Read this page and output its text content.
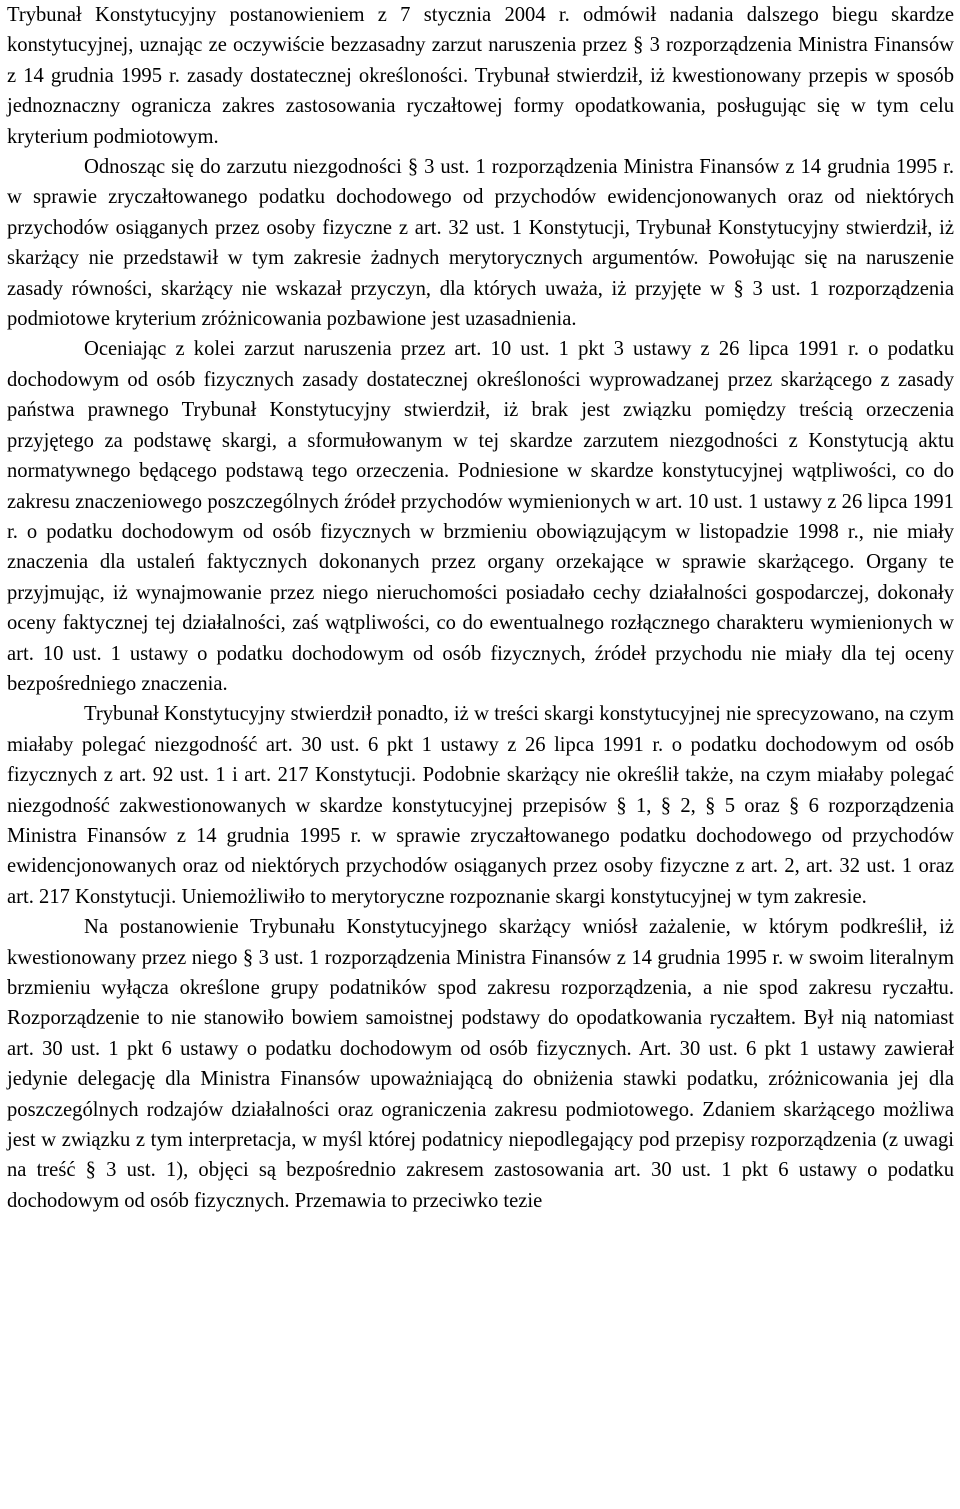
Trybunał Konstytucyjny postanowieniem z 7 stycznia 2004 r. odmówił nadania dalszego biegu skardze konstytucyjnej, uznając ze oczywiście bezzasadny zarzut naruszenia przez § 3 rozporządzenia Ministra Finansów z 14 grudnia 1995 r. zasady dostatecznej określoności. Trybunał stwierdził, iż kwestionowany przepis w sposób jednoznaczny ogranicza zakres zastosowania ryczałtowej formy opodatkowania, posługując się w tym celu kryterium podmiotowym.

Odnosząc się do zarzutu niezgodności § 3 ust. 1 rozporządzenia Ministra Finansów z 14 grudnia 1995 r. w sprawie zryczałtowanego podatku dochodowego od przychodów ewidencjonowanych oraz od niektórych przychodów osiąganych przez osoby fizyczne z art. 32 ust. 1 Konstytucji, Trybunał Konstytucyjny stwierdził, iż skarżący nie przedstawił w tym zakresie żadnych merytorycznych argumentów. Powołując się na naruszenie zasady równości, skarżący nie wskazał przyczyn, dla których uważa, iż przyjęte w § 3 ust. 1 rozporządzenia podmiotowe kryterium zróżnicowania pozbawione jest uzasadnienia.

Oceniając z kolei zarzut naruszenia przez art. 10 ust. 1 pkt 3 ustawy z 26 lipca 1991 r. o podatku dochodowym od osób fizycznych zasady dostatecznej określoności wyprowadzanej przez skarżącego z zasady państwa prawnego Trybunał Konstytucyjny stwierdził, iż brak jest związku pomiędzy treścią orzeczenia przyjętego za podstawę skargi, a sformułowanym w tej skardze zarzutem niezgodności z Konstytucją aktu normatywnego będącego podstawą tego orzeczenia. Podniesione w skardze konstytucyjnej wątpliwości, co do zakresu znaczeniowego poszczególnych źródeł przychodów wymienionych w art. 10 ust. 1 ustawy z 26 lipca 1991 r. o podatku dochodowym od osób fizycznych w brzmieniu obowiązującym w listopadzie 1998 r., nie miały znaczenia dla ustaleń faktycznych dokonanych przez organy orzekające w sprawie skarżącego. Organy te przyjmując, iż wynajmowanie przez niego nieruchomości posiadało cechy działalności gospodarczej, dokonały oceny faktycznej tej działalności, zaś wątpliwości, co do ewentualnego rozłącznego charakteru wymienionych w art. 10 ust. 1 ustawy o podatku dochodowym od osób fizycznych, źródeł przychodu nie miały dla tej oceny bezpośredniego znaczenia.

Trybunał Konstytucyjny stwierdził ponadto, iż w treści skargi konstytucyjnej nie sprecyzowano, na czym miałaby polegać niezgodność art. 30 ust. 6 pkt 1 ustawy z 26 lipca 1991 r. o podatku dochodowym od osób fizycznych z art. 92 ust. 1 i art. 217 Konstytucji. Podobnie skarżący nie określił także, na czym miałaby polegać niezgodność zakwestionowanych w skardze konstytucyjnej przepisów § 1, § 2, § 5 oraz § 6 rozporządzenia Ministra Finansów z 14 grudnia 1995 r. w sprawie zryczałtowanego podatku dochodowego od przychodów ewidencjonowanych oraz od niektórych przychodów osiąganych przez osoby fizyczne z art. 2, art. 32 ust. 1 oraz art. 217 Konstytucji. Uniemożliwiło to merytoryczne rozpoznanie skargi konstytucyjnej w tym zakresie.

Na postanowienie Trybunału Konstytucyjnego skarżący wniósł zażalenie, w którym podkreślił, iż kwestionowany przez niego § 3 ust. 1 rozporządzenia Ministra Finansów z 14 grudnia 1995 r. w swoim literalnym brzmieniu wyłącza określone grupy podatników spod zakresu rozporządzenia, a nie spod zakresu ryczałtu. Rozporządzenie to nie stanowiło bowiem samoistnej podstawy do opodatkowania ryczałtem. Był nią natomiast art. 30 ust. 1 pkt 6 ustawy o podatku dochodowym od osób fizycznych. Art. 30 ust. 6 pkt 1 ustawy zawierał jedynie delegację dla Ministra Finansów upoważniającą do obniżenia stawki podatku, zróżnicowania jej dla poszczególnych rodzajów działalności oraz ograniczenia zakresu podmiotowego. Zdaniem skarżącego możliwa jest w związku z tym interpretacja, w myśl której podatnicy niepodlegający pod przepisy rozporządzenia (z uwagi na treść § 3 ust. 1), objęci są bezpośrednio zakresem zastosowania art. 30 ust. 1 pkt 6 ustawy o podatku dochodowym od osób fizycznych. Przemawia to przeciwko tezie
